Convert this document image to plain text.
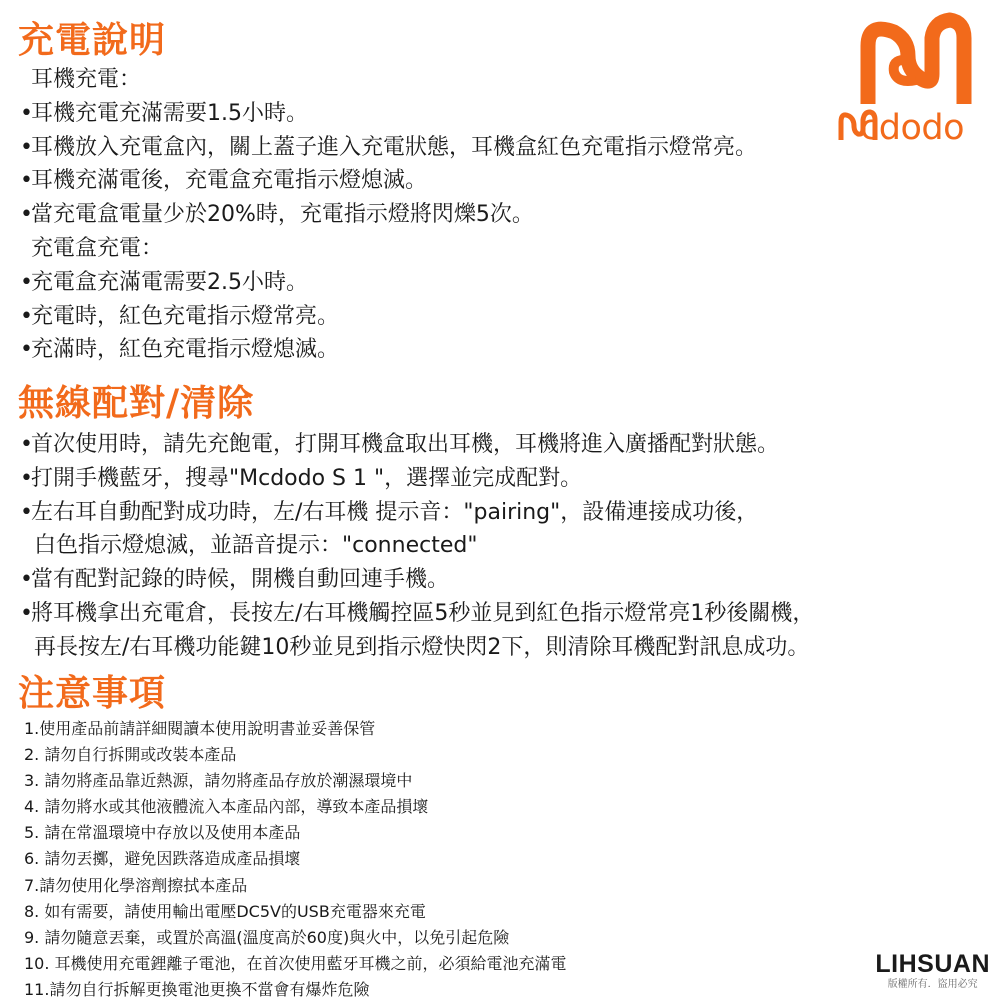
充電說明
耳機充電：
•耳機充電充滿需要1.5小時。
•耳機放入充電盒內，關上蓋子進入充電狀態，耳機盒紅色充電指示燈常亮。
•耳機充滿電後，充電盒充電指示燈熄滅。
•當充電盒電量少於20%時，充電指示燈將閃爍5次。
充電盒充電：
•充電盒充滿電需要2.5小時。
•充電時，紅色充電指示燈常亮。
•充滿時，紅色充電指示燈熄滅。
無線配對/清除
•首次使用時，請先充飽電，打開耳機盒取出耳機，耳機將進入廣播配對狀態。
•打開手機藍牙，搜尋"Mcdodo S 1 "，選擇並完成配對。
•左右耳自動配對成功時，左/右耳機 提示音："pairing"，設備連接成功後，
白色指示燈熄滅，並語音提示："connected"
•當有配對記錄的時候，開機自動回連手機。
•將耳機拿出充電倉，長按左/右耳機觸控區5秒並見到紅色指示燈常亮1秒後關機，
再長按左/右耳機功能鍵10秒並見到指示燈快閃2下，則清除耳機配對訊息成功。
注意事項
1.使用產品前請詳細閱讀本使用說明書並妥善保管
2. 請勿自行拆開或改裝本產品
3. 請勿將產品靠近熱源，請勿將產品存放於潮濕環境中
4. 請勿將水或其他液體流入本產品內部，導致本產品損壞
5. 請在常溫環境中存放以及使用本產品
6. 請勿丟擲，避免因跌落造成產品損壞
7.請勿使用化學溶劑擦拭本產品
8. 如有需要，請使用輸出電壓DC5V的USB充電器來充電
9. 請勿隨意丟棄，或置於高溫(溫度高於60度)與火中，以免引起危險
10. 耳機使用充電鋰離子電池，在首次使用藍牙耳機之前，必須給電池充滿電
11.請勿自行拆解更換電池更換不當會有爆炸危險
cdodo
LIHSUAN
版權所有．盜用必究
